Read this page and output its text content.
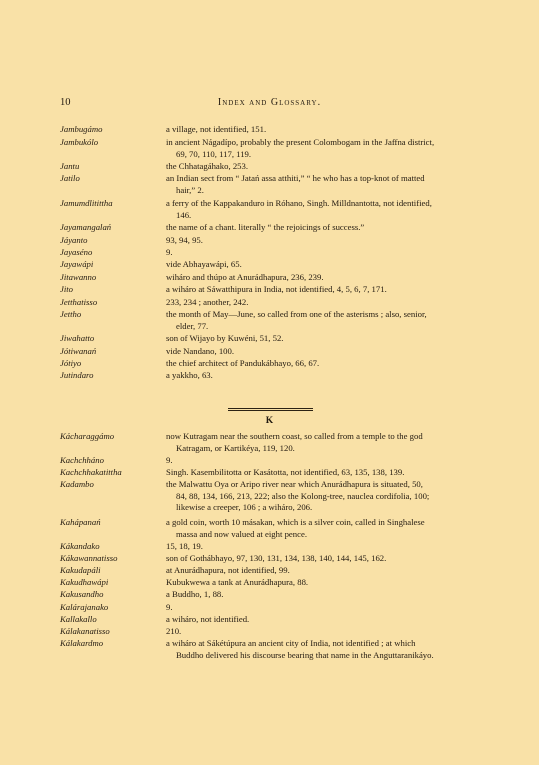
10	Index and Glossary.
Jambugámo	a village, not identified, 151.
Jambukólo	in ancient Nágadípo, probably the present Colombogam in the Jaffna district,
69, 70, 110, 117, 119.
Jantu	the Chhatagáhako, 253.
Jatilo	an Indian sect from “ Jatań assa atthiti,” “ he who has a top-knot of matted
hair,” 2.
Jamumdlitittha	a ferry of the Kappakanduro in Róhano, Singh. Milldnantotta, not identified,
146.
Jayamangalań	the name of a chant. literally “ the rejoicings of success.”
Jáyanto	93, 94, 95.
Jayaséno	9.
Jayawápi	vide Abhayawápi, 65.
Jitawanno	wiháro and thúpo at Anurádhapura, 236, 239.
Jito	a wiháro at Sáwatthipura in India, not identified, 4, 5, 6, 7, 171.
Jetthatisso	233, 234 ; another, 242.
Jettho	the month of May—June, so called from one of the asterisms ; also, senior,
elder, 77.
Jiwahatto	son of Wijayo by Kuwéni, 51, 52.
Jótiwanań	vide Nandano, 100.
Jótiyo	the chief architect of Pandukábhayo, 66, 67.
Jutindaro	a yakkho, 63.
Kácharaggámo	now Kutragam near the southern coast, so called from a temple to the god
Katragam, or Kartikéya, 119, 120.
Kachchháno	9.
Kachchhakatittha	Singh. Kasembilitotta or Kasátotta, not identified, 63, 135, 138, 139.
Kadambo	the Malwattu Oya or Aripo river near which Anurádhapura is situated, 50,
84, 88, 134, 166, 213, 222; also the Kolong-tree, nauclea cordifolia, 100;
likewise a creeper, 106 ; a wiháro, 206.
Kahápanań	a gold coin, worth 10 másakan, which is a silver coin, called in Singhalese
massa and now valued at eight pence.
Kákandako	15, 18, 19.
Kákawannatisso	son of Gothábhayo, 97, 130, 131, 134, 138, 140, 144, 145, 162.
Kakudapáli	at Anurádhapura, not identified, 99.
Kakudhawápi	Kubukwewa a tank at Anurádhapura, 88.
Kakusandho	a Buddho, 1, 88.
Kalárajanako	9.
Kallakallo	a wiháro, not identified.
Kálakanatisso	210.
Kálakardmo	a wiháro at Sákétúpura an ancient city of India, not identified ; at which
Buddho delivered his discourse bearing that name in the Anguttaranikáyo.
K
